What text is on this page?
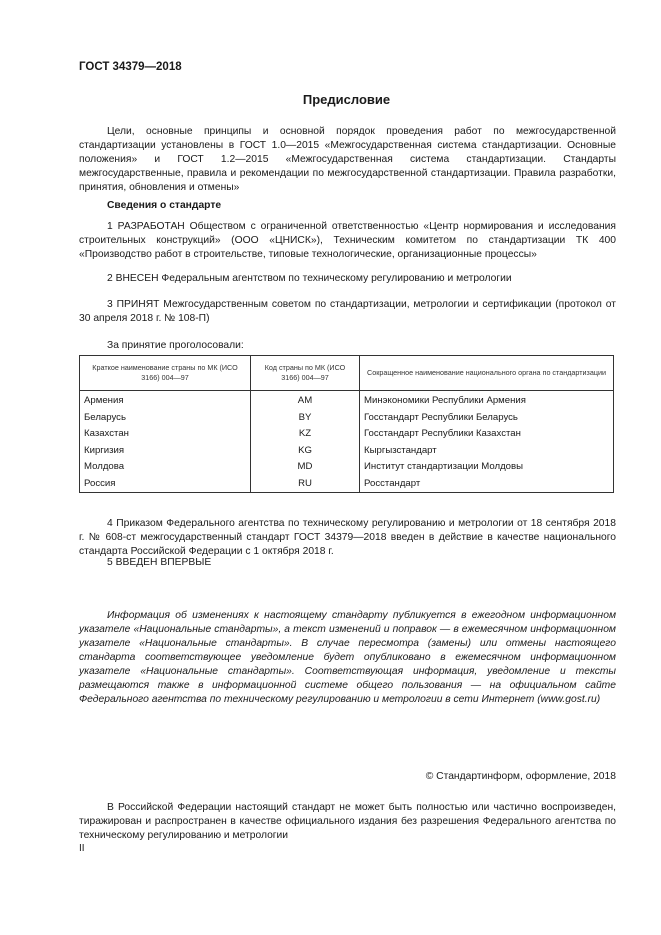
ГОСТ 34379—2018
Предисловие
Цели, основные принципы и основной порядок проведения работ по межгосударственной стандартизации установлены в ГОСТ 1.0—2015 «Межгосударственная система стандартизации. Основные положения» и ГОСТ 1.2—2015 «Межгосударственная система стандартизации. Стандарты межгосударственные, правила и рекомендации по межгосударственной стандартизации. Правила разработки, принятия, обновления и отмены»
Сведения о стандарте
1 РАЗРАБОТАН Обществом с ограниченной ответственностью «Центр нормирования и исследования строительных конструкций» (ООО «ЦНИСК»), Техническим комитетом по стандартизации ТК 400 «Производство работ в строительстве, типовые технологические, организационные процессы»
2 ВНЕСЕН Федеральным агентством по техническому регулированию и метрологии
3 ПРИНЯТ Межгосударственным советом по стандартизации, метрологии и сертификации (протокол от 30 апреля 2018 г. № 108-П)
За принятие проголосовали:
Краткое наименование страны по МК (ИСО 3166) 004—97	Код страны по МК (ИСО 3166) 004—97	Сокращенное наименование национального органа по стандартизации
Армения	AM	Минэкономики Республики Армения
Беларусь	BY	Госстандарт Республики Беларусь
Казахстан	KZ	Госстандарт Республики Казахстан
Киргизия	KG	Кыргызстандарт
Молдова	MD	Институт стандартизации Молдовы
Россия	RU	Росстандарт
4 Приказом Федерального агентства по техническому регулированию и метрологии от 18 сентября 2018 г. № 608-ст межгосударственный стандарт ГОСТ 34379—2018 введен в действие в качестве национального стандарта Российской Федерации с 1 октября 2018 г.
5 ВВЕДЕН ВПЕРВЫЕ
Информация об изменениях к настоящему стандарту публикуется в ежегодном информационном указателе «Национальные стандарты», а текст изменений и поправок — в ежемесячном информационном указателе «Национальные стандарты». В случае пересмотра (замены) или отмены настоящего стандарта соответствующее уведомление будет опубликовано в ежемесячном информационном указателе «Национальные стандарты». Соответствующая информация, уведомление и тексты размещаются также в информационной системе общего пользования — на официальном сайте Федерального агентства по техническому регулированию и метрологии в сети Интернет (www.gost.ru)
© Стандартинформ, оформление, 2018
В Российской Федерации настоящий стандарт не может быть полностью или частично воспроизведен, тиражирован и распространен в качестве официального издания без разрешения Федерального агентства по техническому регулированию и метрологии
II
